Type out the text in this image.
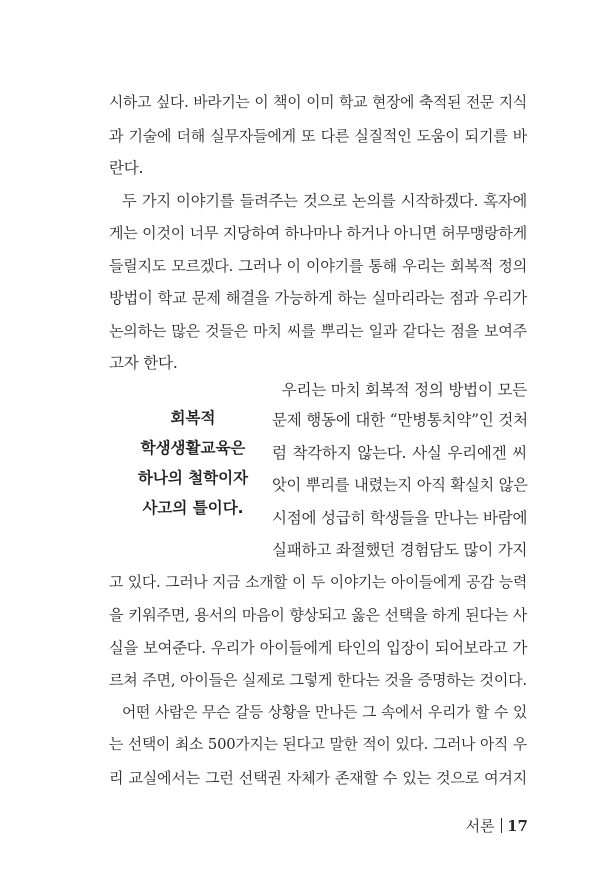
시하고 싶다. 바라기는 이 책이 이미 학교 현장에 축적된 전문 지식
과 기술에 더해 실무자들에게 또 다른 실질적인 도움이 되기를 바
란다.
두 가지 이야기를 들려주는 것으로 논의를 시작하겠다. 혹자에
게는 이것이 너무 지당하여 하나마나 하거나 아니면 허무맹랑하게
들릴지도 모르겠다. 그러나 이 이야기를 통해 우리는 회복적 정의
방법이 학교 문제 해결을 가능하게 하는 실마리라는 점과 우리가
논의하는 많은 것들은 마치 씨를 뿌리는 일과 같다는 점을 보여주
고자 한다.
우리는 마치 회복적 정의 방법이 모든
문제 행동에 대한 “만병통치약”인 것처
럼 착각하지 않는다. 사실 우리에겐 씨
앗이 뿌리를 내렸는지 아직 확실치 않은
시점에 성급히 학생들을 만나는 바람에
실패하고 좌절했던 경험담도 많이 가지
회복적
학생생활교육은
하나의 철학이자
사고의 틀이다.
고 있다. 그러나 지금 소개할 이 두 이야기는 아이들에게 공감 능력
을 키워주면, 용서의 마음이 향상되고 옳은 선택을 하게 된다는 사
실을 보여준다. 우리가 아이들에게 타인의 입장이 되어보라고 가
르쳐 주면, 아이들은 실제로 그렇게 한다는 것을 증명하는 것이다.
어떤 사람은 무슨 갈등 상황을 만나든 그 속에서 우리가 할 수 있
는 선택이 최소 500가지는 된다고 말한 적이 있다. 그러나 아직 우
리 교실에서는 그런 선택권 자체가 존재할 수 있는 것으로 여겨지
서론 17
